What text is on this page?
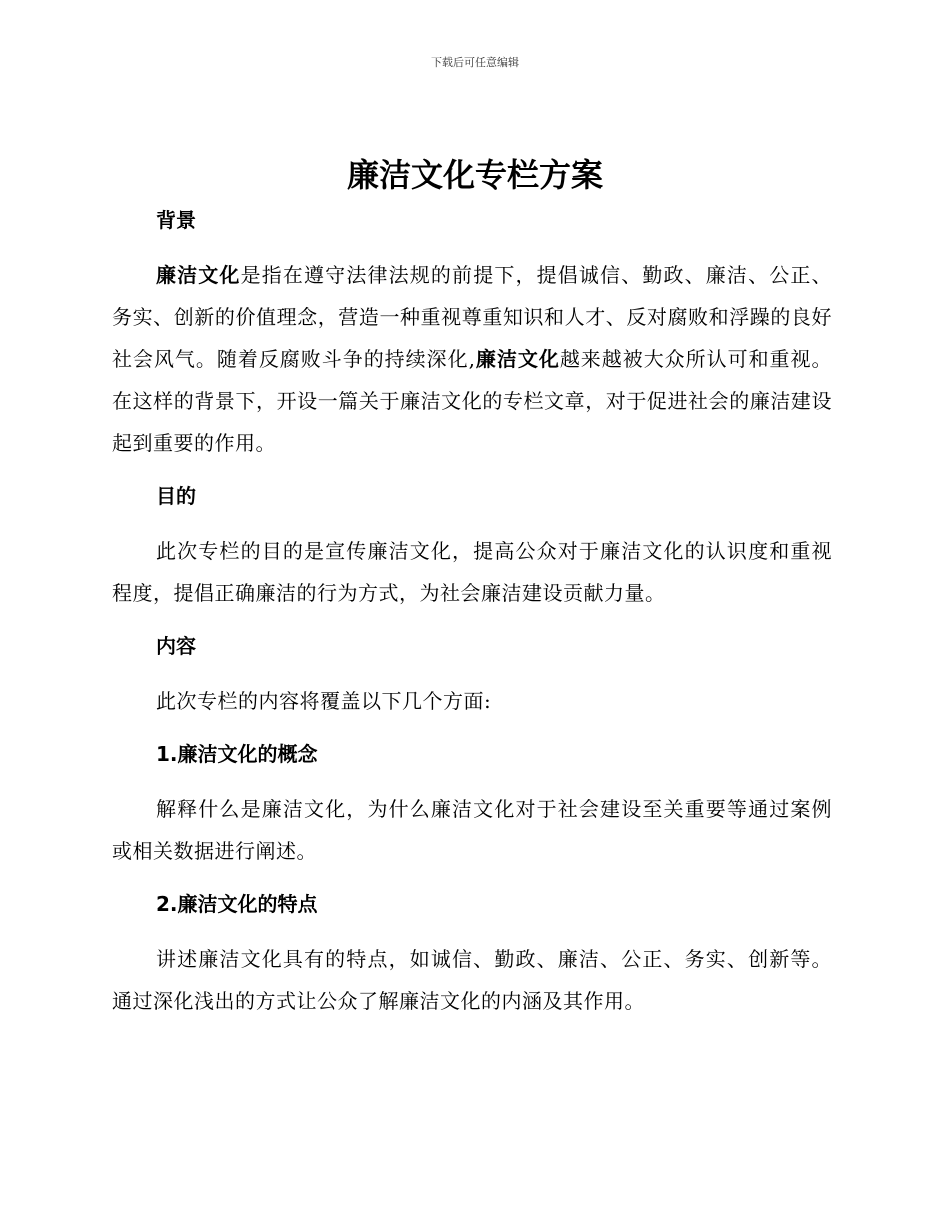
下载后可任意编辑
廉洁文化专栏方案
背景

廉洁文化是指在遵守法律法规的前提下，提倡诚信、勤政、廉洁、公正、务实、创新的价值理念，营造一种重视尊重知识和人才、反对腐败和浮躁的良好社会风气。随着反腐败斗争的持续深化,廉洁文化越来越被大众所认可和重视。在这样的背景下，开设一篇关于廉洁文化的专栏文章，对于促进社会的廉洁建设起到重要的作用。

目的

此次专栏的目的是宣传廉洁文化，提高公众对于廉洁文化的认识度和重视程度，提倡正确廉洁的行为方式，为社会廉洁建设贡献力量。

内容

此次专栏的内容将覆盖以下几个方面:

1.廉洁文化的概念

解释什么是廉洁文化，为什么廉洁文化对于社会建设至关重要等通过案例或相关数据进行阐述。

2.廉洁文化的特点

讲述廉洁文化具有的特点，如诚信、勤政、廉洁、公正、务实、创新等。通过深化浅出的方式让公众了解廉洁文化的内涵及其作用。
